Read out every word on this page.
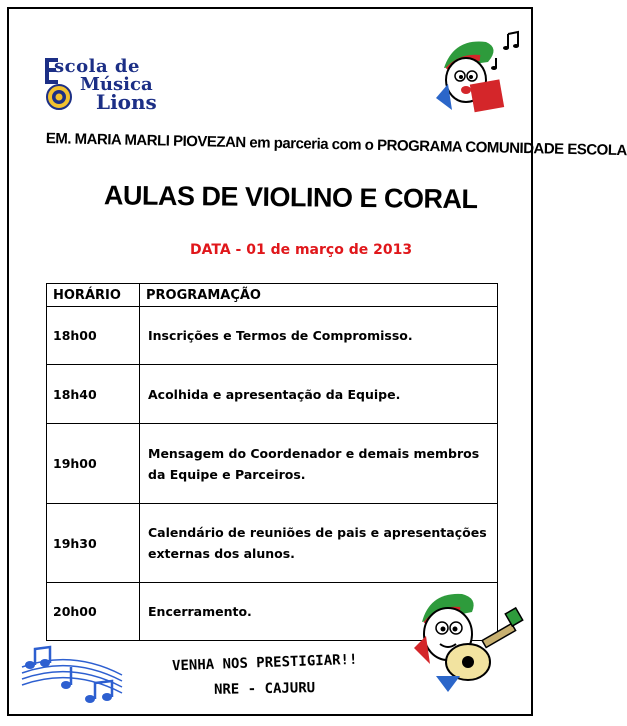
scola de
Música
Lions
EM. MARIA MARLI PIOVEZAN em parceria com o PROGRAMA COMUNIDADE ESCOLA
AULAS DE VIOLINO E CORAL
DATA - 01 de março de 2013
HORÁRIO	PROGRAMAÇÃO
18h00	Inscrições e Termos de Compromisso.
18h40	Acolhida e apresentação da Equipe.
19h00	Mensagem do Coordenador e demais membros da Equipe e Parceiros.
19h30	Calendário de reuniões de pais e apresentações externas dos alunos.
20h00	Encerramento.
VENHA NOS PRESTIGIAR!!
NRE - CAJURU
